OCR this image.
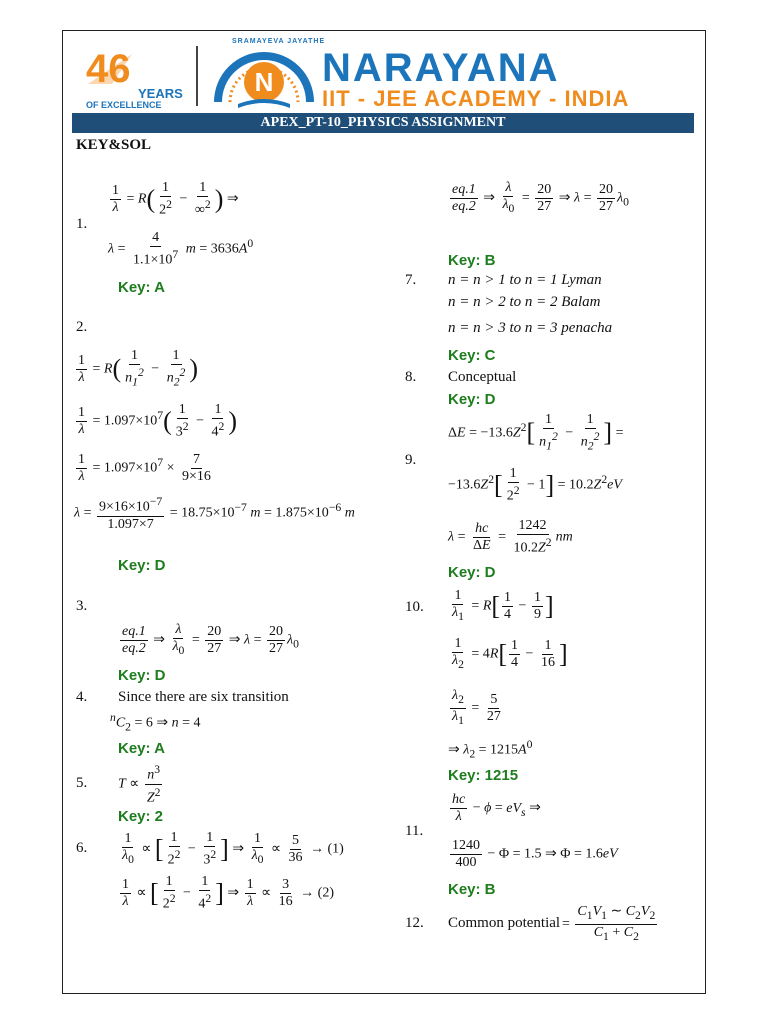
46
YEARS
OF EXCELLENCE
N
SRAMAYEVA JAYATHE
NARAYANA
IIT - JEE ACADEMY - INDIA
APEX_PT-10_PHYSICS ASSIGNMENT
KEY&SOL
1.
$\frac{1}{\lambda} = R( \frac{1}{2^2} - \frac{1}{\infty^2}$ ) ⇒
$\lambda = \frac{4}{1.1\times 10^7}$ $m = 3636A^0$
Key: A
2.
$\frac{1}{\lambda} = R( \frac{1}{n_1^2} - \frac{1}{n_2^2}$ )
$\frac{1}{\lambda} = 1.097\times 10^7( \frac{1}{3^2} - \frac{1}{4^2}$ )
$\frac{1}{\lambda} = 1.097\times 10^7 \times \frac{7}{9\times 16}$
$\lambda = \frac{9\times 16\times 10^{-7}}{1.097\times 7} = 18.75\times 10^{-7}$ $m = 1.875\times 10^{-6}$ m
Key: D
3.
$\frac{eq.1}{eq.2}$ ⇒ $\frac{\lambda}{\lambda_0} = \frac{20}{27}$ ⇒ $\lambda = \frac{20}{27} \lambda_0$
Key: D
4. Since there are six transition
$^nC_2 = 6$ ⇒ n = 4
Key: A
5. $T \propto \frac{n^3}{Z^2}$
Key: 2
6. $\frac{1}{\lambda_0}$ ∝ [ $\frac{1}{2^2} - \frac{1}{3^2}$ ] ⇒ $\frac{1}{\lambda_0} \propto \frac{5}{36} \to (1)$
$\frac{1}{\lambda}$ ∝ [ $\frac{1}{2^2} - \frac{1}{4^2}$ ] ⇒ $\frac{1}{\lambda} \propto \frac{3}{16} \to (2)$
$\frac{eq.1}{eq.2}$ ⇒ $\frac{\lambda}{\lambda_0} = \frac{20}{27}$ ⇒ $\lambda = \frac{20}{27} \lambda_0$
Key: B
7. n = n > 1 to n = 1 Lyman
n = n > 2 to n = 2 Balam
n = n > 3 to n = 3 penacha
Key: C
8. Conceptual
Key: D
9.
$\Delta E = -13.6Z^2[ \frac{1}{n_1^2} - \frac{1}{n_2^2}$ ] =
$-13.6Z^2[ \frac{1}{2^2} - 1] = 10.2Z^2eV$
$\lambda = \frac{hc}{\Delta E} = \frac{1242}{10.2Z^2}$ nm
Key: D
10. $\frac{1}{\lambda_1} = R[ \frac{1}{4} - \frac{1}{9}$ ]
$\frac{1}{\lambda_2} = 4R[ \frac{1}{4} - \frac{1}{16}$ ]
$\frac{\lambda_2}{\lambda_1} = \frac{5}{27}$
⇒ $\lambda_2 = 1215A^0$
Key: 1215
11.
$\frac{hc}{\lambda} - \phi = eV_s$ ⇒
$\frac{1240}{400} - \Phi = 1.5$ ⇒ Φ = 1.6eV
Key: B
12. Common potential = $\frac{C_1V_1 \sim C_2V_2}{C_1 + C_2}$
